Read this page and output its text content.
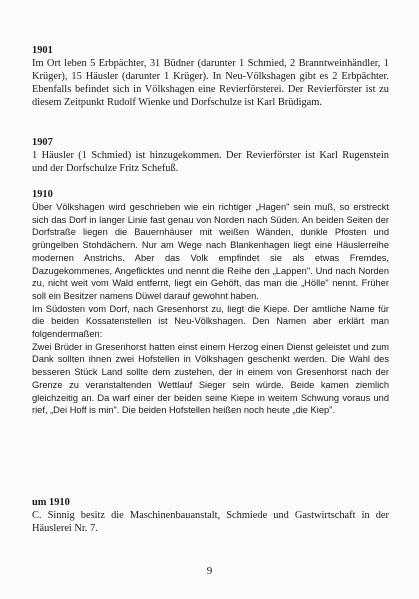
1901
Im Ort leben 5 Erbpächter, 31 Büdner (darunter 1 Schmied, 2 Branntweinhändler, 1 Krüger), 15 Häusler (darunter 1 Krüger). In Neu-Völkshagen gibt es 2 Erbpächter. Ebenfalls befindet sich in Völkshagen eine Revierförsterei. Der Revierförster ist zu diesem Zeitpunkt Rudolf Wienke und Dorfschulze ist Karl Brüdigam.
1907
1 Häusler (1 Schmied) ist hinzugekommen. Der Revierförster ist Karl Rugenstein und der Dorfschulze Fritz Schefuß.
1910
Über Völkshagen wird geschrieben wie ein richtiger „Hagen" sein muß, so erstreckt sich das Dorf in langer Linie fast genau von Norden nach Süden. An beiden Seiten der Dorfstraße liegen die Bauernhäuser mit weißen Wänden, dunkle Pfosten und grüngelben Stohdächern. Nur am Wege nach Blankenhagen liegt eine Häuslerreihe modernen Anstrichs. Aber das Volk empfindet sie als etwas Fremdes, Dazugekommenes, Angeflicktes und nennt die Reihe den „Lappen". Und nach Norden zu, nicht weit vom Wald entfernt, liegt ein Gehöft, das man die „Hölle" nennt. Früher soll ein Besitzer namens Düwel darauf gewohnt haben.
Im Südosten vom Dorf, nach Gresenhorst zu, liegt die Kiepe. Der amtliche Name für die beiden Kossatenstellen ist Neu-Völkshagen. Den Namen aber erklärt man folgendermaßen:
Zwei Brüder in Gresenhorst hatten einst einem Herzog einen Dienst geleistet und zum Dank sollten ihnen zwei Hofstellen in Völkshagen geschenkt werden. Die Wahl des besseren Stück Land sollte dem zustehen, der in einem von Gresenhorst nach der Grenze zu veranstaltenden Wettlauf Sieger sein würde. Beide kamen ziemlich gleichzeitig an. Da warf einer der beiden seine Kiepe in weitem Schwung voraus und rief, „Dei Hoff is min". Die beiden Hofstellen heißen noch heute „die Kiep".
um 1910
C. Sinnig besitz die Maschinenbauanstalt, Schmiede und Gastwirtschaft in der Häuslerei Nr. 7.
9
